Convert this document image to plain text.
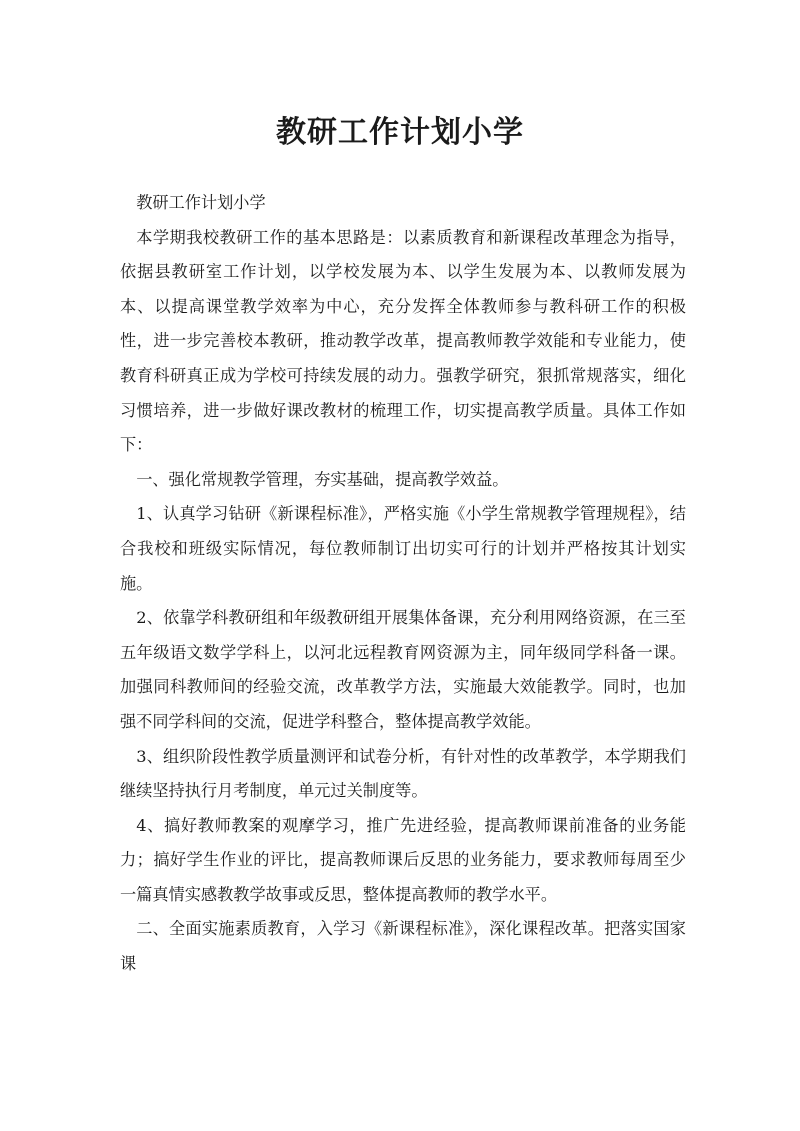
教研工作计划小学

教研工作计划小学

本学期我校教研工作的基本思路是：以素质教育和新课程改革理念为指导，依据县教研室工作计划，以学校发展为本、以学生发展为本、以教师发展为本、以提高课堂教学效率为中心，充分发挥全体教师参与教科研工作的积极性，进一步完善校本教研，推动教学改革，提高教师教学效能和专业能力，使教育科研真正成为学校可持续发展的动力。强教学研究，狠抓常规落实，细化习惯培养，进一步做好课改教材的梳理工作，切实提高教学质量。具体工作如下：

一、强化常规教学管理，夯实基础，提高教学效益。

1、认真学习钻研《新课程标准》，严格实施《小学生常规教学管理规程》，结合我校和班级实际情况，每位教师制订出切实可行的计划并严格按其计划实施。

2、依靠学科教研组和年级教研组开展集体备课，充分利用网络资源，在三至五年级语文数学学科上，以河北远程教育网资源为主，同年级同学科备一课。加强同科教师间的经验交流，改革教学方法，实施最大效能教学。同时，也加强不同学科间的交流，促进学科整合，整体提高教学效能。

3、组织阶段性教学质量测评和试卷分析，有针对性的改革教学，本学期我们继续坚持执行月考制度，单元过关制度等。

4、搞好教师教案的观摩学习，推广先进经验，提高教师课前准备的业务能力；搞好学生作业的评比，提高教师课后反思的业务能力，要求教师每周至少一篇真情实感教教学故事或反思，整体提高教师的教学水平。

二、全面实施素质教育，入学习《新课程标准》，深化课程改革。把落实国家课
